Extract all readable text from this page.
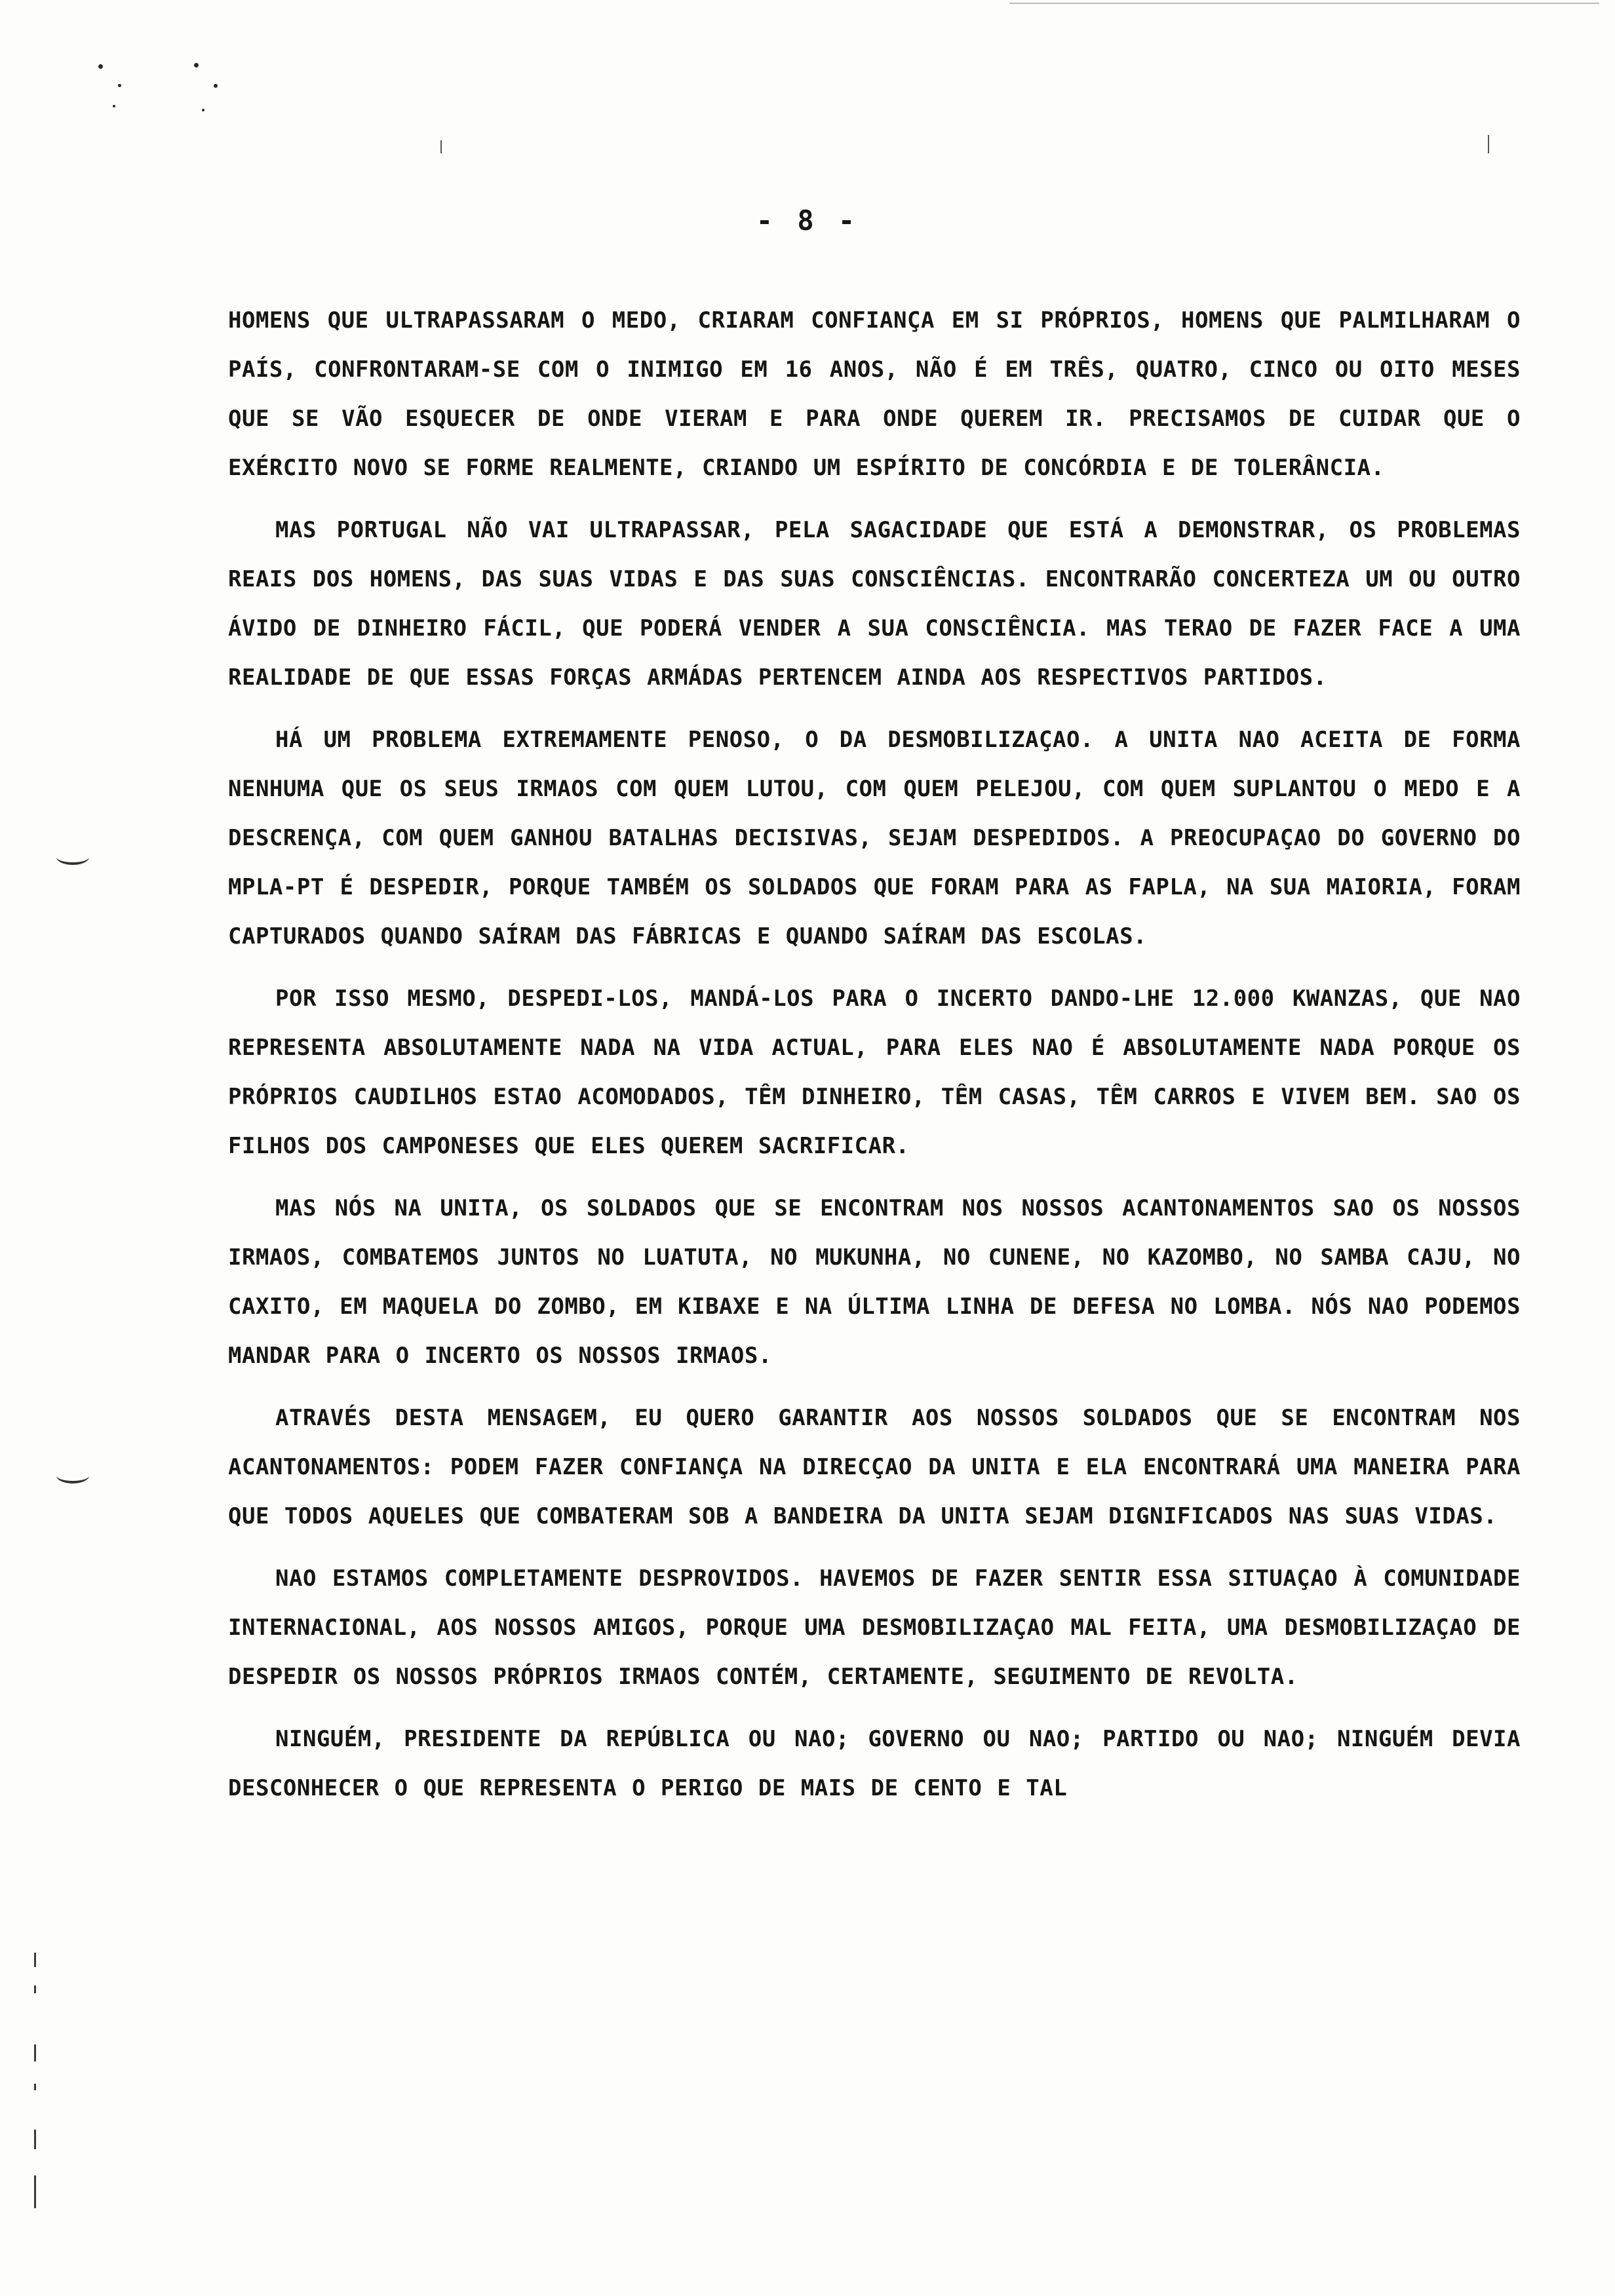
- 8 -

HOMENS QUE ULTRAPASSARAM O MEDO, CRIARAM CONFIANÇA EM SI PRÓPRIOS, HOMENS QUE PALMILHARAM O PAÍS, CONFRONTARAM-SE COM O INIMIGO EM 16 ANOS, NÃO É EM TRÊS, QUATRO, CINCO OU OITO MESES QUE SE VÃO ESQUECER DE ONDE VIERAM E PARA ONDE QUEREM IR. PRECISAMOS DE CUIDAR QUE O EXÉRCITO NOVO SE FORME REALMENTE, CRIANDO UM ESPÍRITO DE CONCÓRDIA E DE TOLERÂNCIA.

MAS PORTUGAL NÃO VAI ULTRAPASSAR, PELA SAGACIDADE QUE ESTÁ A DEMONSTRAR, OS PROBLEMAS REAIS DOS HOMENS, DAS SUAS VIDAS E DAS SUAS CONSCIÊNCIAS. ENCONTRARÃO CONCERTEZA UM OU OUTRO ÁVIDO DE DINHEIRO FÁCIL, QUE PODERÁ VENDER A SUA CONSCIÊNCIA. MAS TERAO DE FAZER FACE A UMA REALIDADE DE QUE ESSAS FORÇAS ARMÁDAS PERTENCEM AINDA AOS RESPECTIVOS PARTIDOS.

HÁ UM PROBLEMA EXTREMAMENTE PENOSO, O DA DESMOBILIZAÇAO. A UNITA NAO ACEITA DE FORMA NENHUMA QUE OS SEUS IRMAOS COM QUEM LUTOU, COM QUEM PELEJOU, COM QUEM SUPLANTOU O MEDO E A DESCRENÇA, COM QUEM GANHOU BATALHAS DECISIVAS, SEJAM DESPEDIDOS. A PREOCUPAÇAO DO GOVERNO DO MPLA-PT É DESPEDIR, PORQUE TAMBÉM OS SOLDADOS QUE FORAM PARA AS FAPLA, NA SUA MAIORIA, FORAM CAPTURADOS QUANDO SAÍRAM DAS FÁBRICAS E QUANDO SAÍRAM DAS ESCOLAS.

POR ISSO MESMO, DESPEDI-LOS, MANDÁ-LOS PARA O INCERTO DANDO-LHE 12.000 KWANZAS, QUE NAO REPRESENTA ABSOLUTAMENTE NADA NA VIDA ACTUAL, PARA ELES NAO É ABSOLUTAMENTE NADA PORQUE OS PRÓPRIOS CAUDILHOS ESTAO ACOMODADOS, TÊM DINHEIRO, TÊM CASAS, TÊM CARROS E VIVEM BEM. SAO OS FILHOS DOS CAMPONESES QUE ELES QUEREM SACRIFICAR.

MAS NÓS NA UNITA, OS SOLDADOS QUE SE ENCONTRAM NOS NOSSOS ACANTONAMENTOS SAO OS NOSSOS IRMAOS, COMBATEMOS JUNTOS NO LUATUTA, NO MUKUNHA, NO CUNENE, NO KAZOMBO, NO SAMBA CAJU, NO CAXITO, EM MAQUELA DO ZOMBO, EM KIBAXE E NA ÚLTIMA LINHA DE DEFESA NO LOMBA. NÓS NAO PODEMOS MANDAR PARA O INCERTO OS NOSSOS IRMAOS.

ATRAVÉS DESTA MENSAGEM, EU QUERO GARANTIR AOS NOSSOS SOLDADOS QUE SE ENCONTRAM NOS ACANTONAMENTOS: PODEM FAZER CONFIANÇA NA DIRECÇAO DA UNITA E ELA ENCONTRARÁ UMA MANEIRA PARA QUE TODOS AQUELES QUE COMBATERAM SOB A BANDEIRA DA UNITA SEJAM DIGNIFICADOS NAS SUAS VIDAS.

NAO ESTAMOS COMPLETAMENTE DESPROVIDOS. HAVEMOS DE FAZER SENTIR ESSA SITUAÇAO À COMUNIDADE INTERNACIONAL, AOS NOSSOS AMIGOS, PORQUE UMA DESMOBILIZAÇAO MAL FEITA, UMA DESMOBILIZAÇAO DE DESPEDIR OS NOSSOS PRÓPRIOS IRMAOS CONTÉM, CERTAMENTE, SEGUIMENTO DE REVOLTA.

NINGUÉM, PRESIDENTE DA REPÚBLICA OU NAO; GOVERNO OU NAO; PARTIDO OU NAO; NINGUÉM DEVIA DESCONHECER O QUE REPRESENTA O PERIGO DE MAIS DE CENTO E TAL
